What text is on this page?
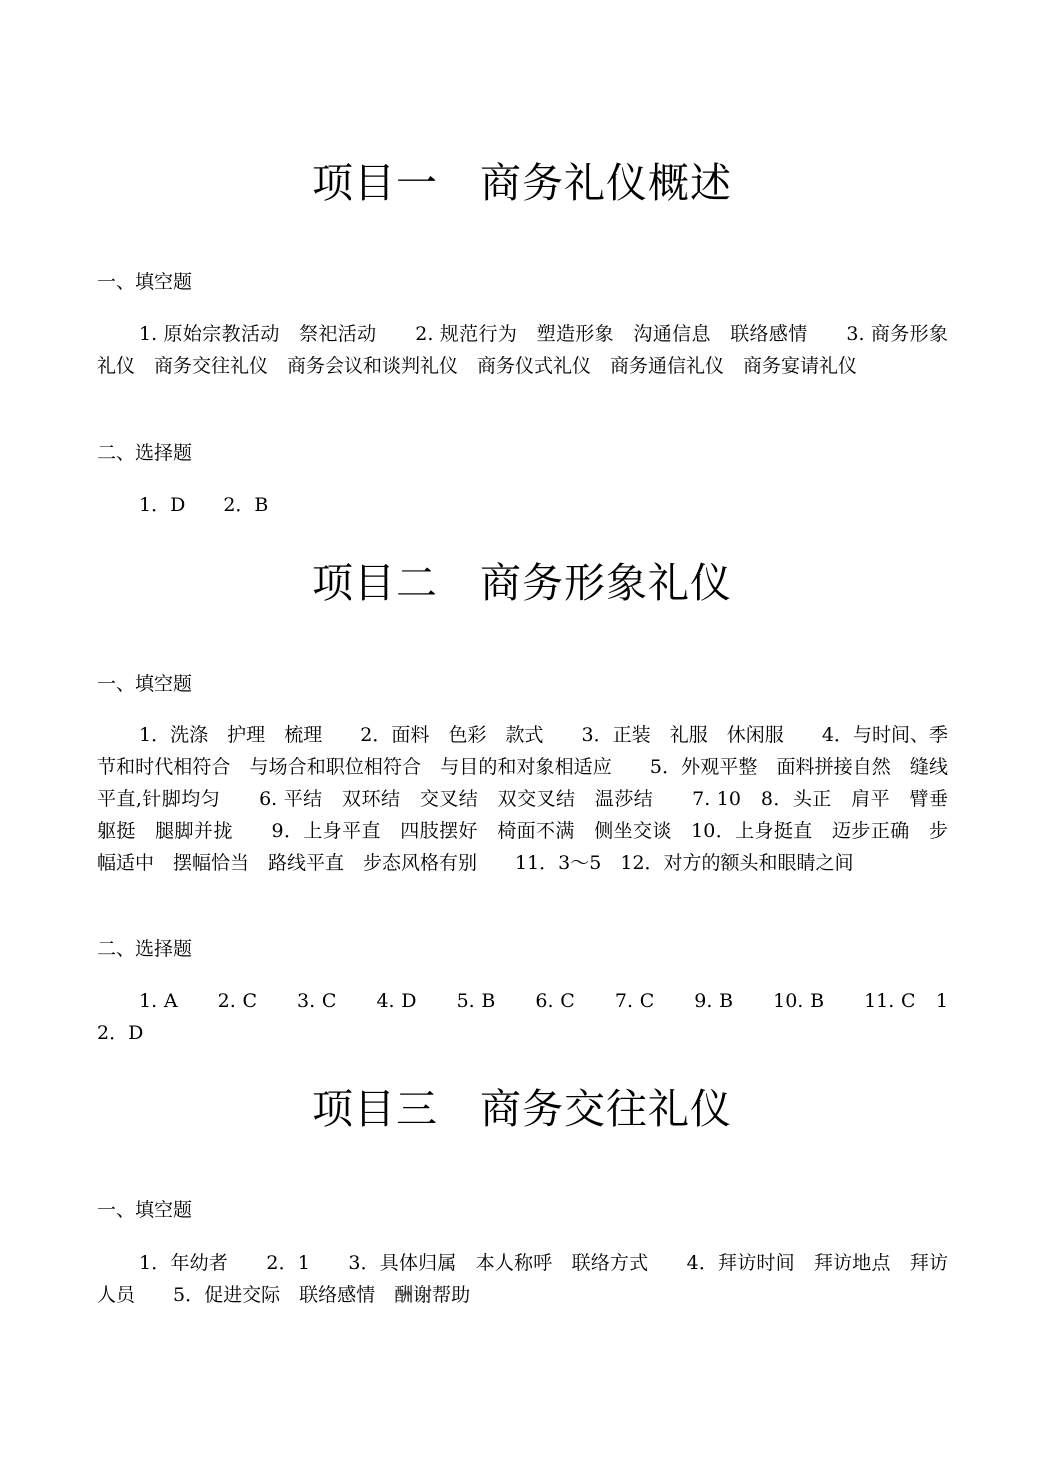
项目一　商务礼仪概述
一、填空题

1. 原始宗教活动　祭祀活动　　2. 规范行为　塑造形象　沟通信息　联络感情　　3. 商务形象礼仪　商务交往礼仪　商务会议和谈判礼仪　商务仪式礼仪　商务通信礼仪　商务宴请礼仪

二、选择题

1．D　　2．B

项目二　商务形象礼仪
一、填空题

1．洗涤　护理　梳理　　2．面料　色彩　款式　　3．正装　礼服　休闲服　　4．与时间、季节和时代相符合　与场合和职位相符合　与目的和对象相适应　　5．外观平整　面料拼接自然　缝线平直,针脚均匀　　6. 平结　双环结　交叉结　双交叉结　温莎结　　7. 10　8．头正　肩平　臂垂　躯挺　腿脚并拢　　9．上身平直　四肢摆好　椅面不满　侧坐交谈　10．上身挺直　迈步正确　步幅适中　摆幅恰当　路线平直　步态风格有别　　11．3～5　12．对方的额头和眼睛之间

二、选择题

1. A　　2. C　　3. C　　4. D　　5. B　　6. C　　7. C　　9. B　　10. B　　11. C　12．D

项目三　商务交往礼仪
一、填空题

1．年幼者　　2．1　　3．具体归属　本人称呼　联络方式　　4．拜访时间　拜访地点　拜访人员　　5．促进交际　联络感情　酬谢帮助
